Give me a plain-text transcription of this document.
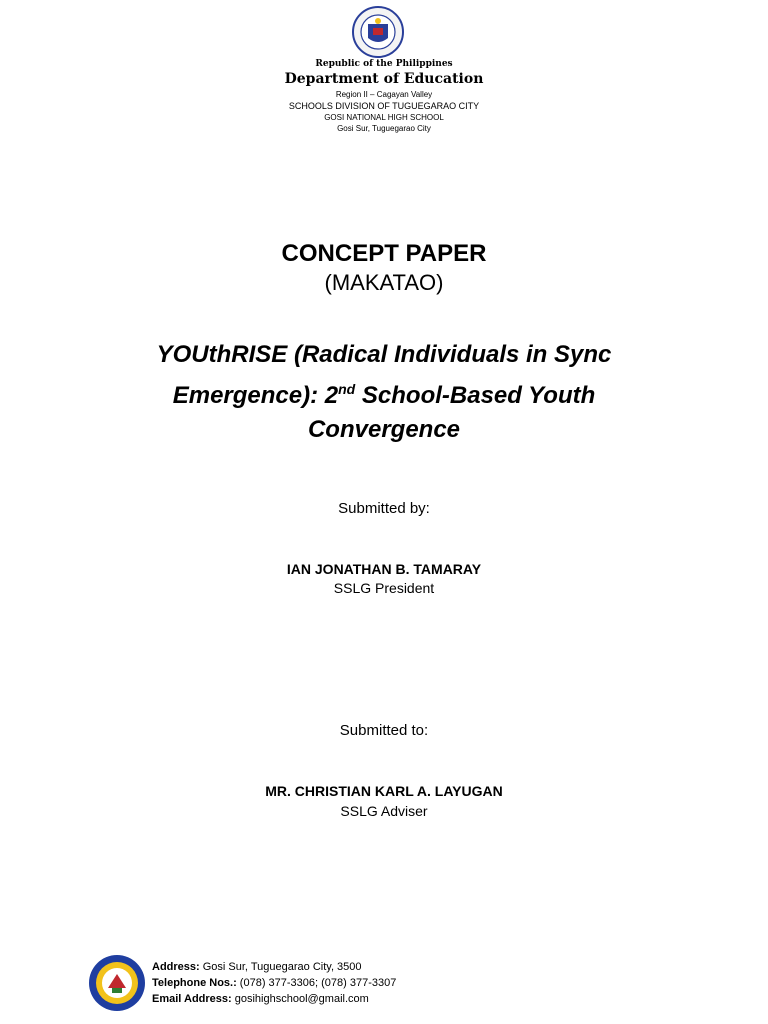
Republic of the Philippines
Department of Education
Region II – Cagayan Valley
SCHOOLS DIVISION OF TUGUEGARAO CITY
GOSI NATIONAL HIGH SCHOOL
Gosi Sur, Tuguegarao City
CONCEPT PAPER
(MAKATAO)
YOUthRISE (Radical Individuals in Sync
Emergence): 2nd School-Based Youth
Convergence
Submitted by:
IAN JONATHAN B. TAMARAY
SSLG President
Submitted to:
MR. CHRISTIAN KARL A. LAYUGAN
SSLG Adviser
Address: Gosi Sur, Tuguegarao City, 3500
Telephone Nos.: (078) 377-3306; (078) 377-3307
Email Address: gosihighschool@gmail.com
